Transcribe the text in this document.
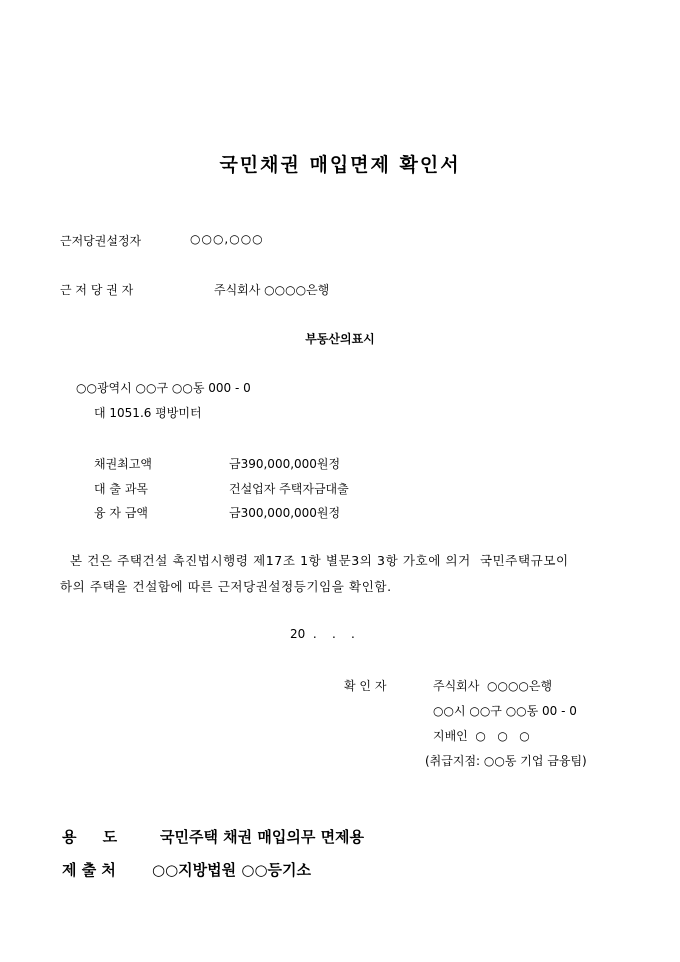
국민채권 매입면제 확인서
근저당권설정자	○○○,○○○
근 저 당 권 자	주식회사 ○○○○은행
부동산의표시
○○광역시 ○○구 ○○동 000 - 0
대 1051.6 평방미터
채권최고액	금390,000,000원정
대 출 과목	건설업자 주택자금대출
융 자 금액	금300,000,000원정
본 건은 주택건설 촉진법시행령 제17조 1항 별문3의 3항 가호에 의거  국민주택규모이
하의 주택을 건설함에 따른 근저당권설정등기임을 확인함.
20  .    .    .
확 인 자	주식회사  ○○○○은행
○○시 ○○구 ○○동 00 - 0
지배인  ○   ○   ○
(취급지점: ○○동 기업 금융팀)
용     도	국민주택 채권 매입의무 면제용
제 출 처 ○○지방법원 ○○등기소
